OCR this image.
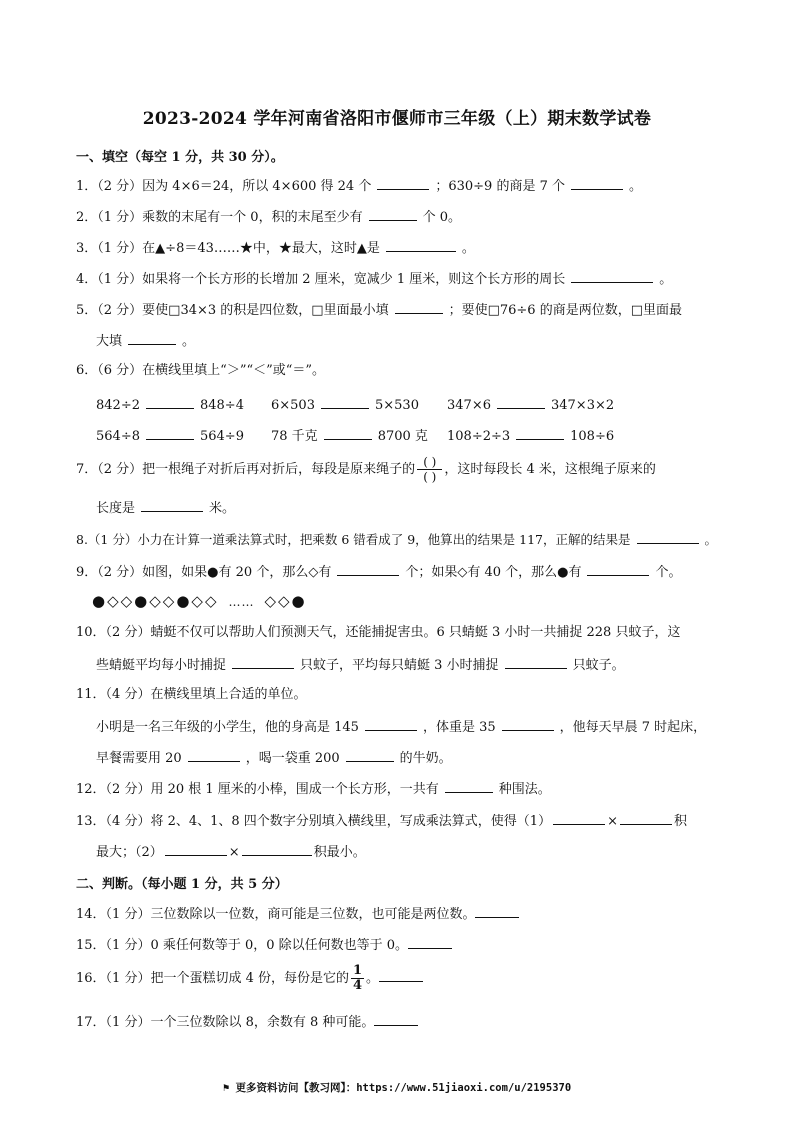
2023-2024 学年河南省洛阳市偃师市三年级（上）期末数学试卷
一、填空（每空 1 分，共 30 分）。
1．（2 分）因为 4×6＝24，所以 4×600 得 24 个	；630÷9 的商是 7 个	。
2．（1 分）乘数的末尾有一个 0，积的末尾至少有	个 0。
3．（1 分）在▲÷8＝43……★中，★最大，这时▲是	。
4．（1 分）如果将一个长方形的长增加 2 厘米，宽减少 1 厘米，则这个长方形的周长	。
5．（2 分）要使□34×3 的积是四位数，□里面最小填	；要使□76÷6 的商是两位数，□里面最
大填	。
6．（6 分）在横线里填上“＞”“＜”或“＝”。
842÷2	848÷4 6×503	5×530 347×6	347×3×2
564÷8	564÷9 78 千克	8700 克 108÷2÷3	108÷6
7．（2 分）把一根绳子对折后再对折后，每段是原来绳子的 $\frac{( )}{( )}$ ，这时每段长 4 米，这根绳子原来的
长度是	米。
8.（1 分）小力在计算一道乘法算式时，把乘数 6 错看成了 9，他算出的结果是 117，正解的结果是	。
9．（2 分）如图，如果●有 20 个，那么◇有	个；如果◇有 40 个，那么●有	个。
●◇◇●◇◇●◇◇ …… ◇◇●
10．（2 分）蜻蜓不仅可以帮助人们预测天气，还能捕捉害虫。6 只蜻蜓 3 小时一共捕捉 228 只蚊子，这
些蜻蜓平均每小时捕捉	只蚊子，平均每只蜻蜓 3 小时捕捉	只蚊子。
11．（4 分）在横线里填上合适的单位。
小明是一名三年级的小学生，他的身高是 145	，体重是 35	，他每天早晨 7 时起床，
早餐需要用 20	，喝一袋重 200	的牛奶。
12．（2 分）用 20 根 1 厘米的小棒，围成一个长方形，一共有	种围法。
13．（4 分）将 2、4、1、8 四个数字分别填入横线里，写成乘法算式，使得（1）	×	积
最大；（2）	×	积最小。
二、判断。（每小题 1 分，共 5 分）
14．（1 分）三位数除以一位数，商可能是三位数，也可能是两位数。
15．（1 分）0 乘任何数等于 0，0 除以任何数也等于 0。
16．（1 分）把一个蛋糕切成 4 份，每份是它的 $\frac{1}{4}$ 。
17．（1 分）一个三位数除以 8，余数有 8 种可能。
⚑ 更多资料访问【教习网】：https://www.51jiaoxi.com/u/2195370
